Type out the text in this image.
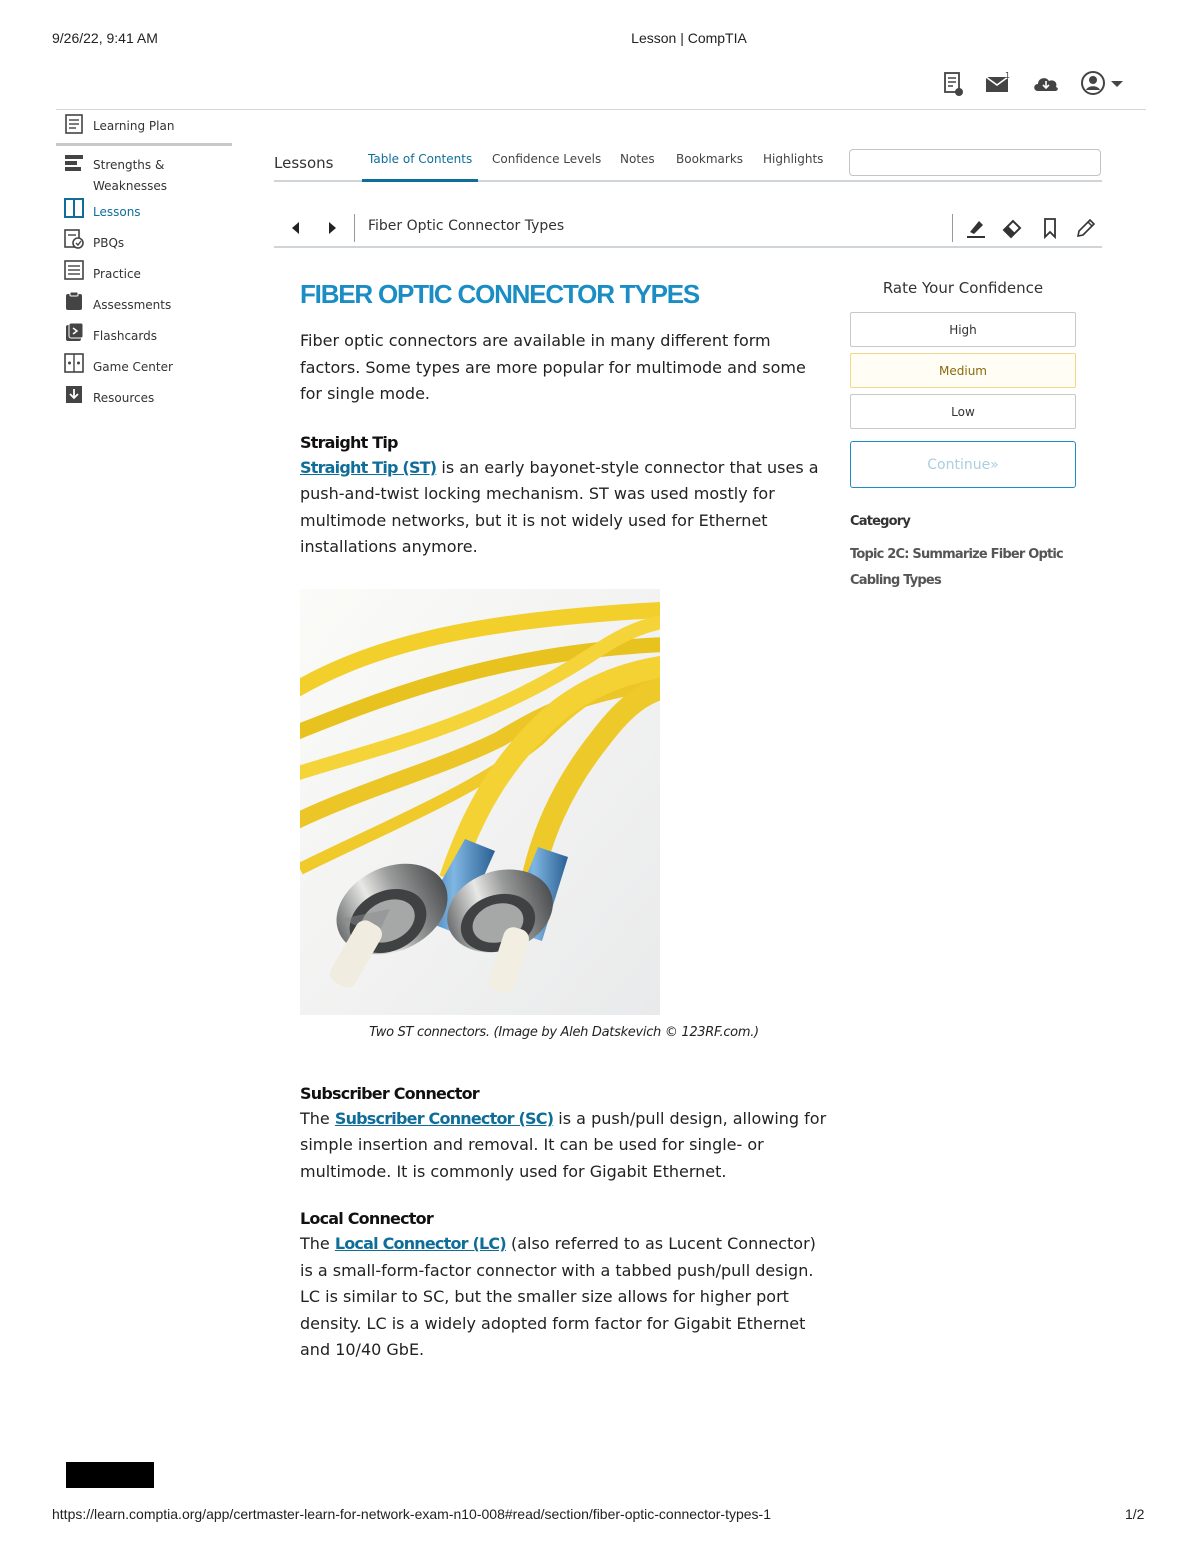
9/26/22, 9:41 AM	Lesson | CompTIA
1
Learning Plan
Strengths & Weaknesses
Lessons
PBQs
Practice
Assessments
Flashcards
Game Center
Resources
Lessons	Table of Contents	Confidence Levels Notes Bookmarks Highlights
Fiber Optic Connector Types
FIBER OPTIC CONNECTOR TYPES

Fiber optic connectors are available in many different form factors. Some types are more popular for multimode and some for single mode.

Straight Tip

Straight Tip (ST) is an early bayonet-style connector that uses a push-and-twist locking mechanism. ST was used mostly for multimode networks, but it is not widely used for Ethernet installations anymore.

Two ST connectors. (Image by Aleh Datskevich © 123RF.com.)
Subscriber Connector

The Subscriber Connector (SC) is a push/pull design, allowing for simple insertion and removal. It can be used for single- or multimode. It is commonly used for Gigabit Ethernet.

Local Connector

The Local Connector (LC) (also referred to as Lucent Connector) is a small-form-factor connector with a tabbed push/pull design. LC is similar to SC, but the smaller size allows for higher port density. LC is a widely adopted form factor for Gigabit Ethernet and 10/40 GbE.

Rate Your Confidence
High
Medium
Low
Continue»
Category
Topic 2C: Summarize Fiber Optic Cabling Types
https://learn.comptia.org/app/certmaster-learn-for-network-exam-n10-008#read/section/fiber-optic-connector-types-1	1/2
